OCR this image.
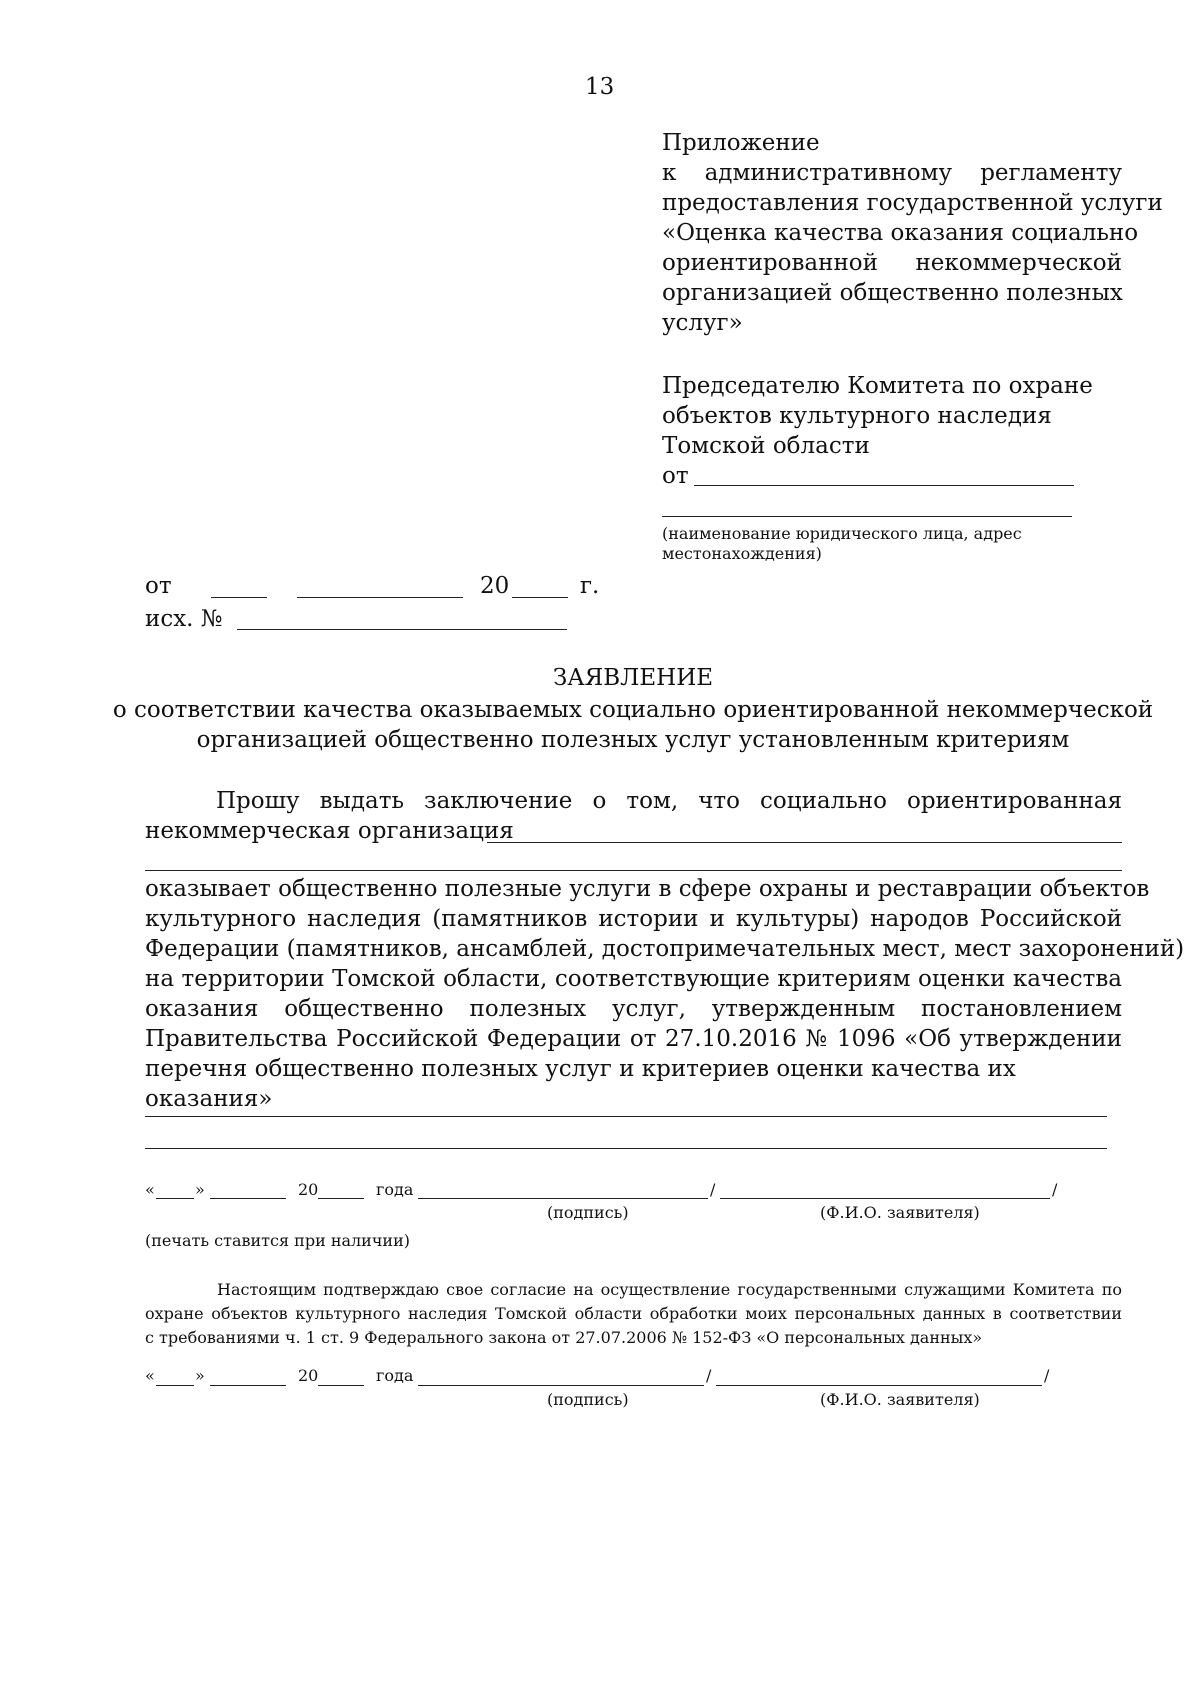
13
Приложение
к административному регламенту
предоставления государственной услуги
«Оценка качества оказания социально
ориентированной некоммерческой
организацией общественно полезных
услуг»
Председателю Комитета по охране
объектов культурного наследия
Томской области
от
(наименование юридического лица, адрес местонахождения)
от	20	г.
исх. №
ЗАЯВЛЕНИЕ
о соответствии качества оказываемых социально ориентированной некоммерческой
организацией общественно полезных услуг установленным критериям
Прошу выдать заключение о том, что социально ориентированная
некоммерческая организация
оказывает общественно полезные услуги в сфере охраны и реставрации объектов
культурного наследия (памятников истории и культуры) народов Российской
Федерации (памятников, ансамблей, достопримечательных мест, мест захоронений)
на территории Томской области, соответствующие критериям оценки качества
оказания общественно полезных услуг, утвержденным постановлением
Правительства Российской Федерации от 27.10.2016 № 1096 «Об утверждении
перечня общественно полезных услуг и критериев оценки качества их оказания»
«	»	20	года	/	/
(подпись)	(Ф.И.О. заявителя)
(печать ставится при наличии)
Настоящим подтверждаю свое согласие на осуществление государственными служащими Комитета по
охране объектов культурного наследия Томской области обработки моих персональных данных в соответствии
с требованиями ч. 1 ст. 9 Федерального закона от 27.07.2006 № 152-ФЗ «О персональных данных»
«	»	20	года	/	/
(подпись)	(Ф.И.О. заявителя)
